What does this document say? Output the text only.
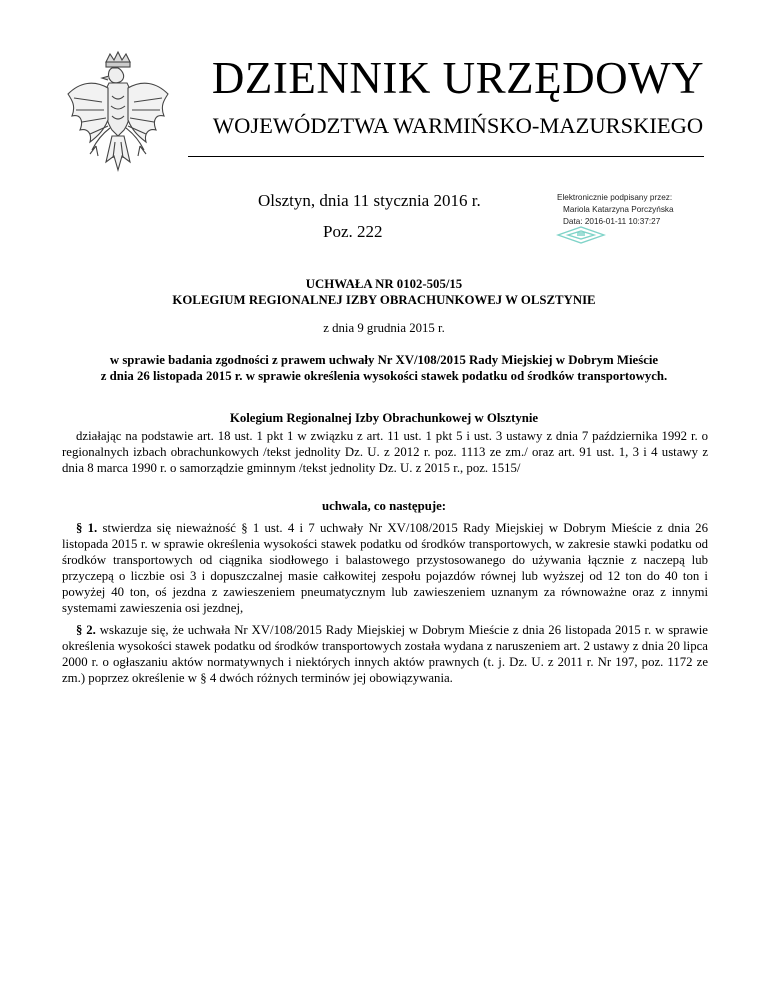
DZIENNIK URZĘDOWY
WOJEWÓDZTWA WARMIŃSKO-MAZURSKIEGO
Olsztyn, dnia 11 stycznia 2016 r.
Poz. 222
Elektronicznie podpisany przez:
Mariola Katarzyna Porczyńska
Data: 2016-01-11 10:37:27
UCHWAŁA NR 0102-505/15
KOLEGIUM REGIONALNEJ IZBY OBRACHUNKOWEJ W OLSZTYNIE
z dnia 9 grudnia 2015 r.
w sprawie badania zgodności z prawem uchwały Nr XV/108/2015 Rady Miejskiej w Dobrym Mieście
z dnia 26 listopada 2015 r. w sprawie określenia wysokości stawek podatku od środków transportowych.
Kolegium Regionalnej Izby Obrachunkowej w Olsztynie
działając na podstawie art. 18 ust. 1 pkt 1 w związku z art. 11 ust. 1 pkt 5 i ust. 3 ustawy z dnia 7 października 1992 r. o regionalnych izbach obrachunkowych /tekst jednolity Dz. U. z 2012 r. poz. 1113 ze zm./ oraz art. 91 ust. 1, 3 i 4 ustawy z dnia 8 marca 1990 r. o samorządzie gminnym /tekst jednolity Dz. U. z 2015 r., poz. 1515/
uchwala, co następuje:

§ 1. stwierdza się nieważność § 1 ust. 4 i 7 uchwały Nr XV/108/2015 Rady Miejskiej w Dobrym Mieście z dnia 26 listopada 2015 r. w sprawie określenia wysokości stawek podatku od środków transportowych, w zakresie stawki podatku od środków transportowych od ciągnika siodłowego i balastowego przystosowanego do używania łącznie z naczepą lub przyczepą o liczbie osi 3 i dopuszczalnej masie całkowitej zespołu pojazdów równej lub wyższej od 12 ton do 40 ton i powyżej 40 ton, oś jezdna z zawieszeniem pneumatycznym lub zawieszeniem uznanym za równoważne oraz z innymi systemami zawieszenia osi jezdnej,

§ 2. wskazuje się, że uchwała Nr XV/108/2015 Rady Miejskiej w Dobrym Mieście z dnia 26 listopada 2015 r. w sprawie określenia wysokości stawek podatku od środków transportowych została wydana z naruszeniem art. 2 ustawy z dnia 20 lipca 2000 r. o ogłaszaniu aktów normatywnych i niektórych innych aktów prawnych (t. j. Dz. U. z 2011 r. Nr 197, poz. 1172 ze zm.) poprzez określenie w § 4 dwóch różnych terminów jej obowiązywania.
